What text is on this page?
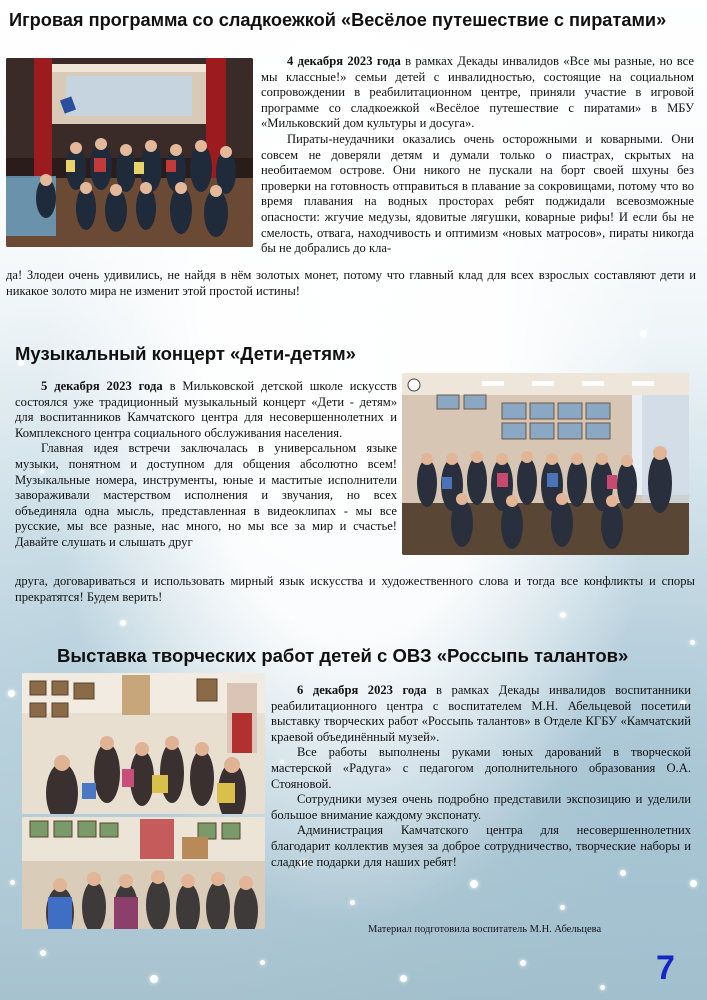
Игровая программа со сладкоежкой «Весёлое путешествие с пиратами»

4 декабря 2023 года в рамках Декады инвалидов «Все мы разные, но все мы классные!» семьи детей с инвалидностью, состоящие на социальном сопровождении в реабилитационном центре, приняли участие в игровой программе со сладкоежкой «Весёлое путешествие с пиратами» в МБУ «Мильковский дом культуры и досуга».

Пираты-неудачники оказались очень осторожными и коварными. Они совсем не доверяли детям и думали только о пиастрах, скрытых на необитаемом острове. Они никого не пускали на борт своей шхуны без проверки на готовность отправиться в плавание за сокровищами, потому что во время плавания на водных просторах ребят поджидали всевозможные опасности: жгучие медузы, ядовитые лягушки, коварные рифы! И если бы не смелость, отвага, находчивость и оптимизм «новых матросов», пираты никогда бы не добрались до кла-

да! Злодеи очень удивились, не найдя в нём золотых монет, потому что главный клад для всех взрослых составляют дети и никакое золото мира не изменит этой простой истины!
Музыкальный концерт «Дети-детям»

5 декабря 2023 года в Мильковской детской школе искусств состоялся уже традиционный музыкальный концерт «Дети - детям» для воспитанников Камчатского центра для несовершеннолетних и Комплексного центра социального обслуживания населения.

Главная идея встречи заключалась в универсальном языке музыки, понятном и доступном для общения абсолютно всем! Музыкальные номера, инструменты, юные и маститые исполнители завораживали мастерством исполнения и звучания, но всех объединяла одна мысль, представленная в видеоклипах - мы все русские, мы все разные, нас много, но мы все за мир и счастье! Давайте слушать и слышать друг

друга, договариваться и использовать мирный язык искусства и художественного слова и тогда все конфликты и споры прекратятся! Будем верить!
Выставка творческих работ детей с ОВЗ «Россыпь талантов»

6 декабря 2023 года в рамках Декады инвалидов воспитанники реабилитационного центра с воспитателем М.Н. Абельцевой посетили выставку творческих работ «Россыпь талантов» в Отделе КГБУ «Камчатский краевой объединённый музей».

Все работы выполнены руками юных дарований в творческой мастерской «Радуга» с педагогом дополнительного образования О.А. Стояновой.

Сотрудники музея очень подробно представили экспозицию и уделили большое внимание каждому экспонату.

Администрация Камчатского центра для несовершеннолетних благодарит коллектив музея за доброе сотрудничество, творческие наборы и сладкие подарки для наших ребят!

Материал подготовила воспитатель М.Н. Абельцева
7
